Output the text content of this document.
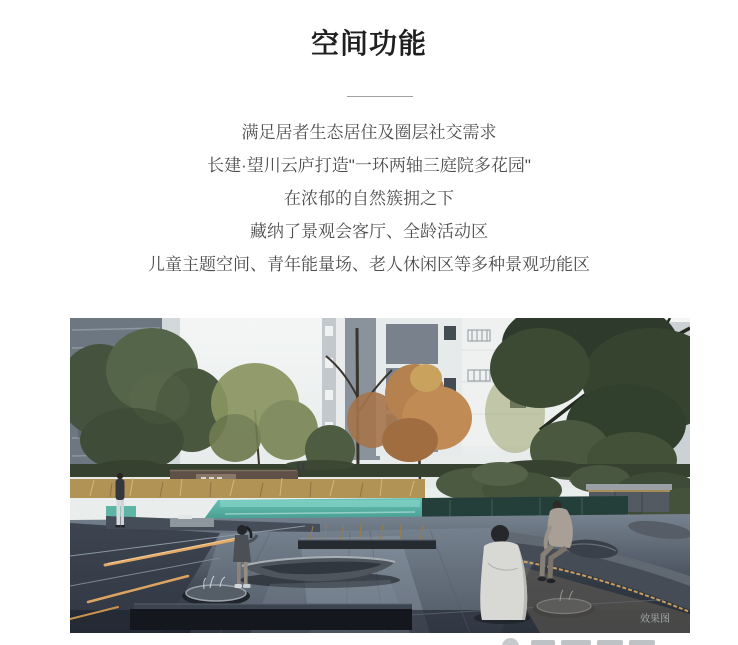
空间功能

满足居者生态居住及圈层社交需求

长建·望川云庐打造"一环两轴三庭院多花园"

在浓郁的自然簇拥之下

藏纳了景观会客厅、全龄活动区

儿童主题空间、青年能量场、老人休闲区等多种景观功能区

效果图
